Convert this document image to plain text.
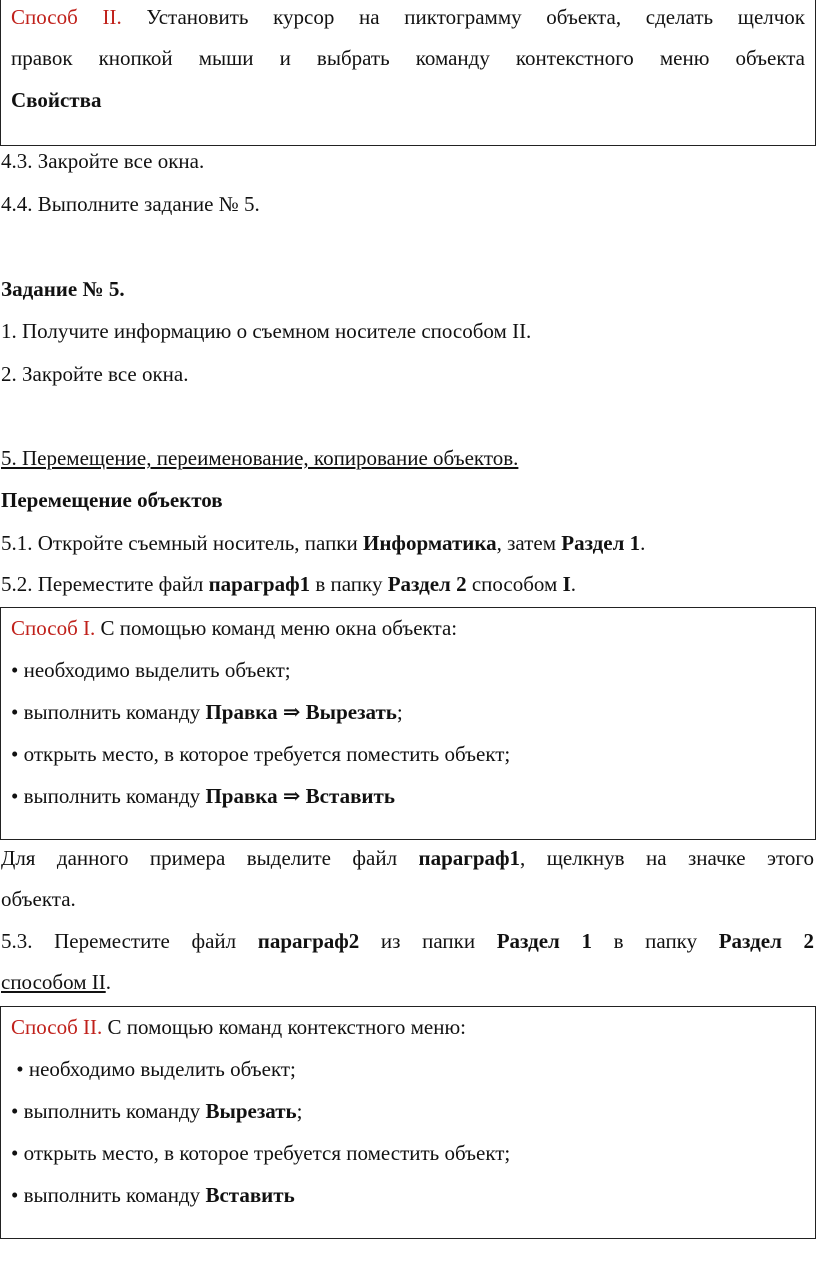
Способ II. Установить курсор на пиктограмму объекта, сделать щелчок
правок кнопкой мыши и выбрать команду контекстного меню объекта
Свойства
4.3. Закройте все окна.
4.4. Выполните задание № 5.
Задание № 5.
1. Получите информацию о съемном носителе способом II.
2. Закройте все окна.
5. Перемещение, переименование, копирование объектов.
Перемещение объектов
5.1. Откройте съемный носитель, папки Информатика, затем Раздел 1.
5.2. Переместите файл параграф1 в папку Раздел 2 способом I.
Способ I. С помощью команд меню окна объекта:
• необходимо выделить объект;
• выполнить команду Правка ⇒ Вырезать;
• открыть место, в которое требуется поместить объект;
• выполнить команду Правка ⇒ Вставить
Для данного примера выделите файл параграф1, щелкнув на значке этого
объекта.
5.3. Переместите файл параграф2 из папки Раздел 1 в папку Раздел 2
способом II.
Способ II. С помощью команд контекстного меню:
• необходимо выделить объект;
• выполнить команду Вырезать;
• открыть место, в которое требуется поместить объект;
• выполнить команду Вставить
